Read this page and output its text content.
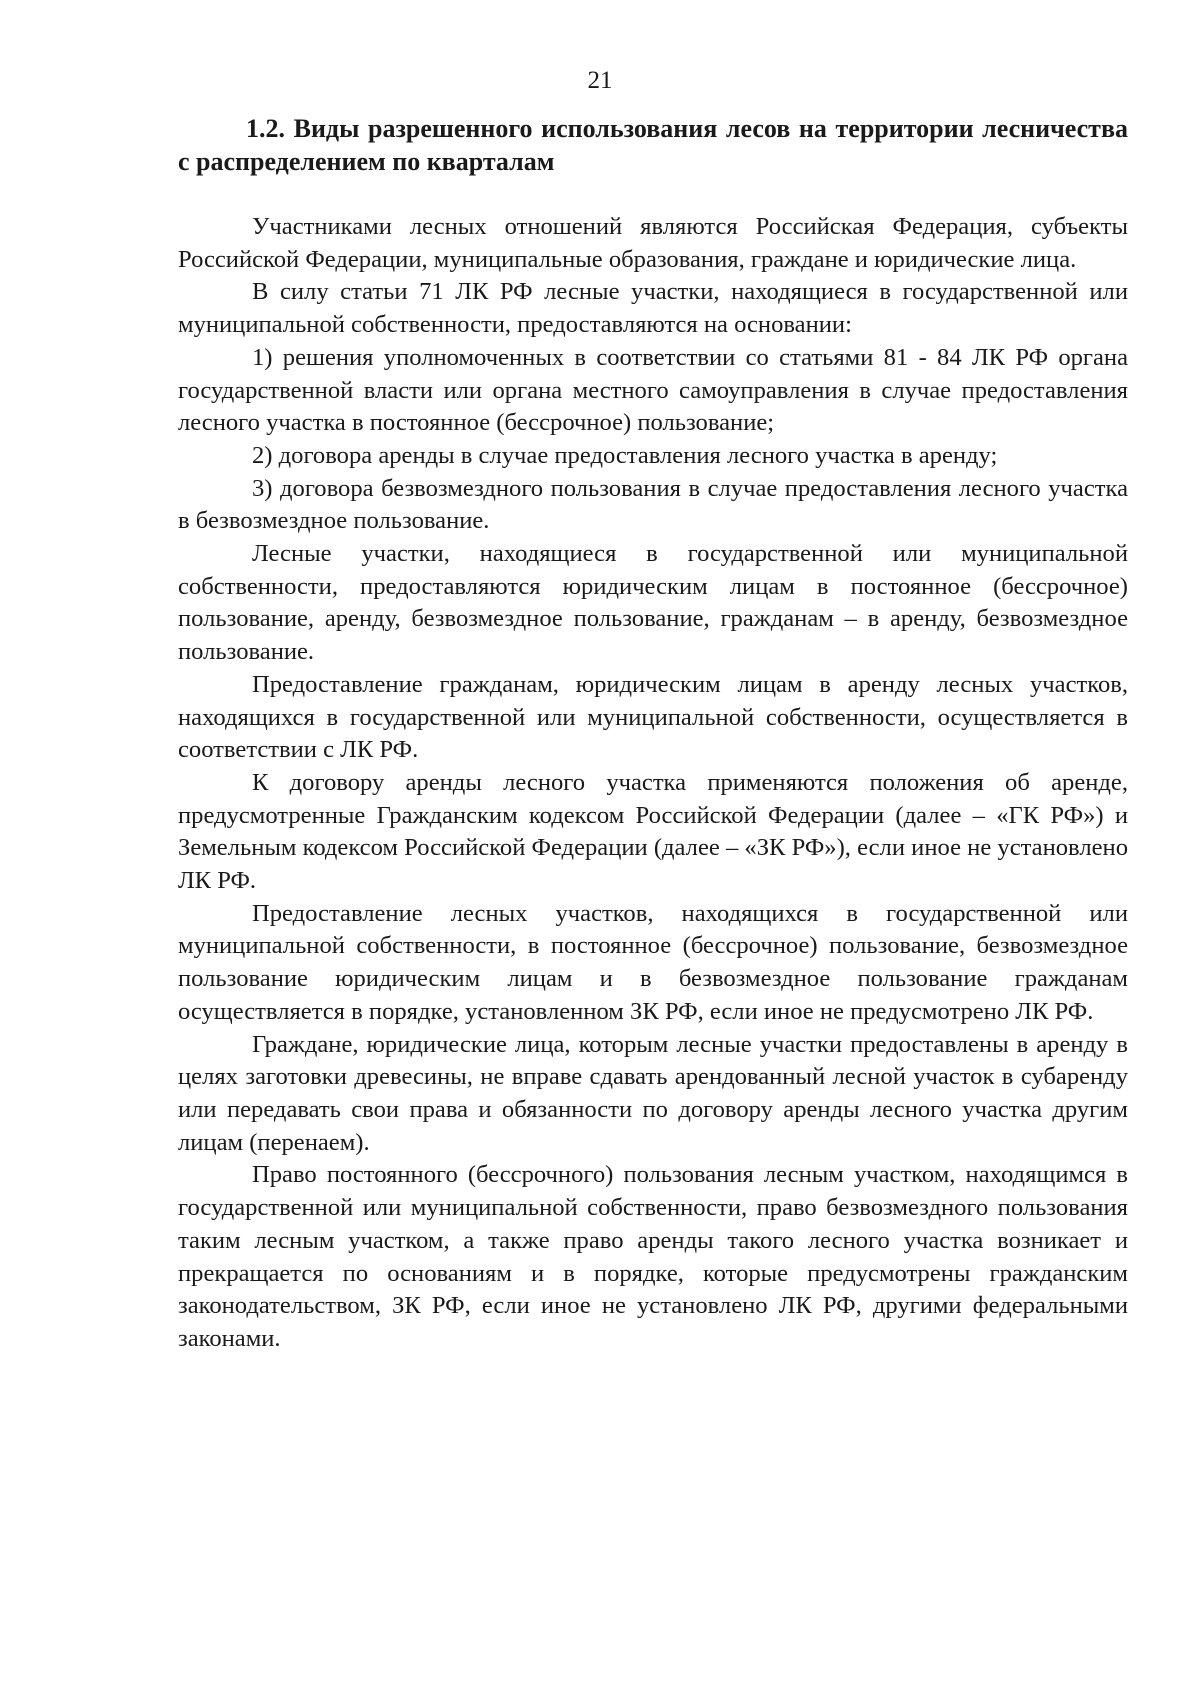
21
1.2. Виды разрешенного использования лесов на территории лесничества с распределением по кварталам

Участниками лесных отношений являются Российская Федерация, субъекты Российской Федерации, муниципальные образования, граждане и юридические лица.

В силу статьи 71 ЛК РФ лесные участки, находящиеся в государственной или муниципальной собственности, предоставляются на основании:

1) решения уполномоченных в соответствии со статьями 81 - 84 ЛК РФ органа государственной власти или органа местного самоуправления в случае предоставления лесного участка в постоянное (бессрочное) пользование;

2) договора аренды в случае предоставления лесного участка в аренду;

3) договора безвозмездного пользования в случае предоставления лесного участка в безвозмездное пользование.

Лесные участки, находящиеся в государственной или муниципальной собственности, предоставляются юридическим лицам в постоянное (бессрочное) пользование, аренду, безвозмездное пользование, гражданам – в аренду, безвозмездное пользование.

Предоставление гражданам, юридическим лицам в аренду лесных участков, находящихся в государственной или муниципальной собственности, осуществляется в соответствии с ЛК РФ.

К договору аренды лесного участка применяются положения об аренде, предусмотренные Гражданским кодексом Российской Федерации (далее – «ГК РФ») и Земельным кодексом Российской Федерации (далее – «ЗК РФ»), если иное не установлено ЛК РФ.

Предоставление лесных участков, находящихся в государственной или муниципальной собственности, в постоянное (бессрочное) пользование, безвозмездное пользование юридическим лицам и в безвозмездное пользование гражданам осуществляется в порядке, установленном ЗК РФ, если иное не предусмотрено ЛК РФ.

Граждане, юридические лица, которым лесные участки предоставлены в аренду в целях заготовки древесины, не вправе сдавать арендованный лесной участок в субаренду или передавать свои права и обязанности по договору аренды лесного участка другим лицам (перенаем).

Право постоянного (бессрочного) пользования лесным участком, находящимся в государственной или муниципальной собственности, право безвозмездного пользования таким лесным участком, а также право аренды такого лесного участка возникает и прекращается по основаниям и в порядке, которые предусмотрены гражданским законодательством, ЗК РФ, если иное не установлено ЛК РФ, другими федеральными законами.
